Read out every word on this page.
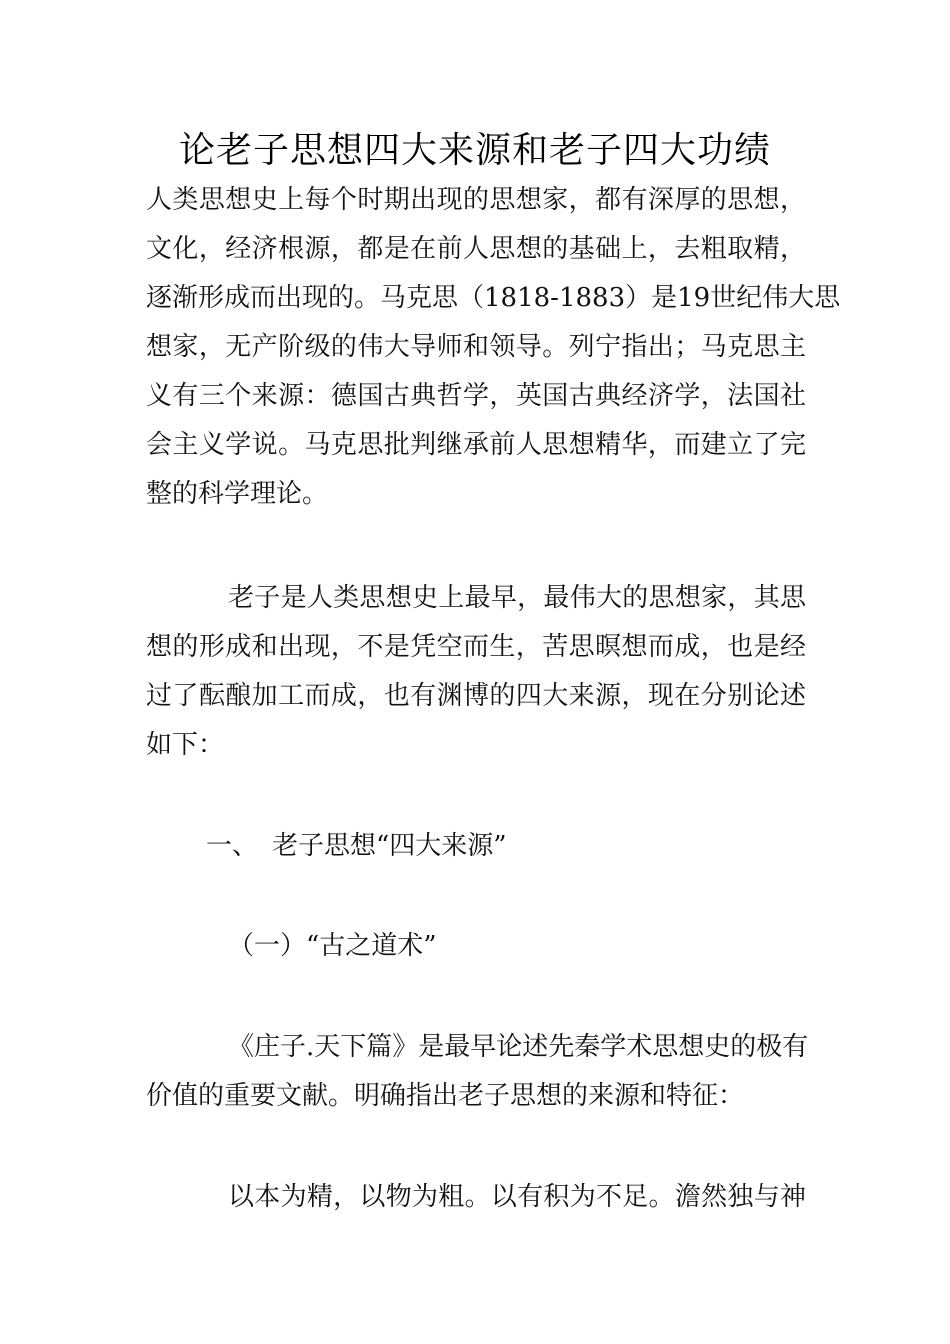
论老子思想四大来源和老子四大功绩

人类思想史上每个时期出现的思想家，都有深厚的思想，

文化，经济根源，都是在前人思想的基础上，去粗取精，

逐渐形成而出现的。马克思（1818-1883）是19世纪伟大思

想家，无产阶级的伟大导师和领导。列宁指出；马克思主

义有三个来源：德国古典哲学，英国古典经济学，法国社

会主义学说。马克思批判继承前人思想精华，而建立了完

整的科学理论。

老子是人类思想史上最早，最伟大的思想家，其思

想的形成和出现，不是凭空而生，苦思暝想而成，也是经

过了酝酿加工而成，也有渊博的四大来源，现在分别论述

如下：

一、 老子思想“四大来源”

（一）“古之道术”

《庄子.天下篇》是最早论述先秦学术思想史的极有

价值的重要文献。明确指出老子思想的来源和特征：

以本为精，以物为粗。以有积为不足。澹然独与神
